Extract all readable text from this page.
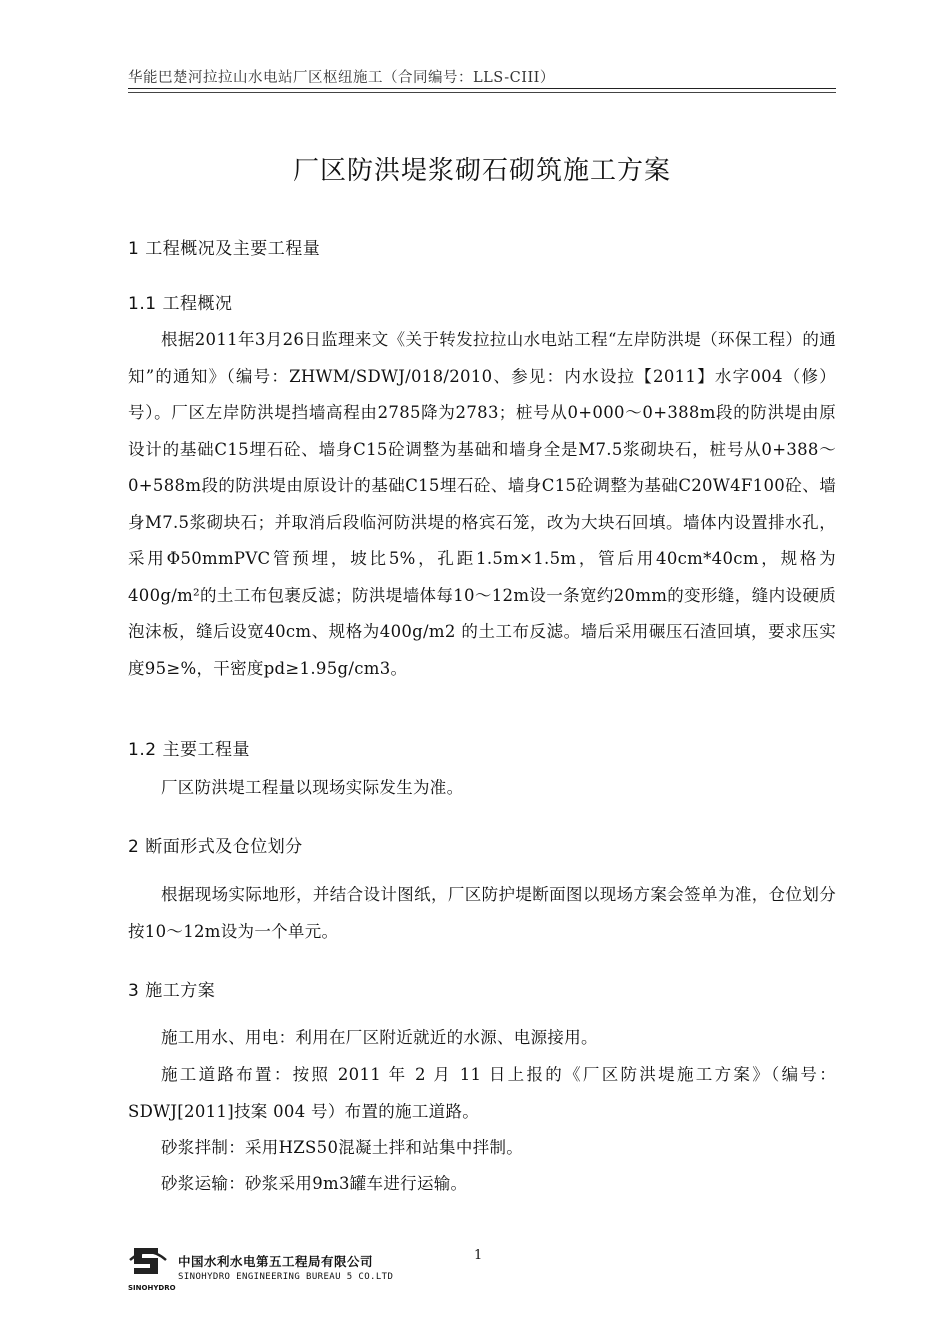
华能巴楚河拉拉山水电站厂区枢纽施工（合同编号：LLS-CIII）
厂区防洪堤浆砌石砌筑施工方案
1 工程概况及主要工程量
1.1 工程概况

根据2011年3月26日监理来文《关于转发拉拉山水电站工程“左岸防洪堤（环保工程）的通知”的通知》（编号：ZHWM/SDWJ/018/2010、参见：内水设拉【2011】水字004（修）号）。厂区左岸防洪堤挡墙高程由2785降为2783；桩号从0+000～0+388m段的防洪堤由原设计的基础C15埋石砼、墙身C15砼调整为基础和墙身全是M7.5浆砌块石，桩号从0+388～0+588m段的防洪堤由原设计的基础C15埋石砼、墙身C15砼调整为基础C20W4F100砼、墙身M7.5浆砌块石；并取消后段临河防洪堤的格宾石笼，改为大块石回填。墙体内设置排水孔，采用Φ50mmPVC管预埋，坡比5%，孔距1.5m×1.5m，管后用40cm*40cm，规格为400g/m²的土工布包裹反滤；防洪堤墙体每10～12m设一条宽约20mm的变形缝，缝内设硬质泡沫板，缝后设宽40cm、规格为400g/m2 的土工布反滤。墙后采用碾压石渣回填，要求压实度95≥%，干密度pd≥1.95g/cm3。

1.2 主要工程量

厂区防洪堤工程量以现场实际发生为准。

2 断面形式及仓位划分

根据现场实际地形，并结合设计图纸，厂区防护堤断面图以现场方案会签单为准，仓位划分按10～12m设为一个单元。

3 施工方案

施工用水、用电：利用在厂区附近就近的水源、电源接用。

施工道路布置：按照 2011 年 2 月 11 日上报的《厂区防洪堤施工方案》（编号：SDWJ[2011]技案 004 号）布置的施工道路。

砂浆拌制：采用HZS50混凝土拌和站集中拌制。

砂浆运输：砂浆采用9m3罐车进行运输。

SINOHYDRO
中国水利水电第五工程局有限公司
SINOHYDRO ENGINEERING BUREAU 5 CO.LTD
1
